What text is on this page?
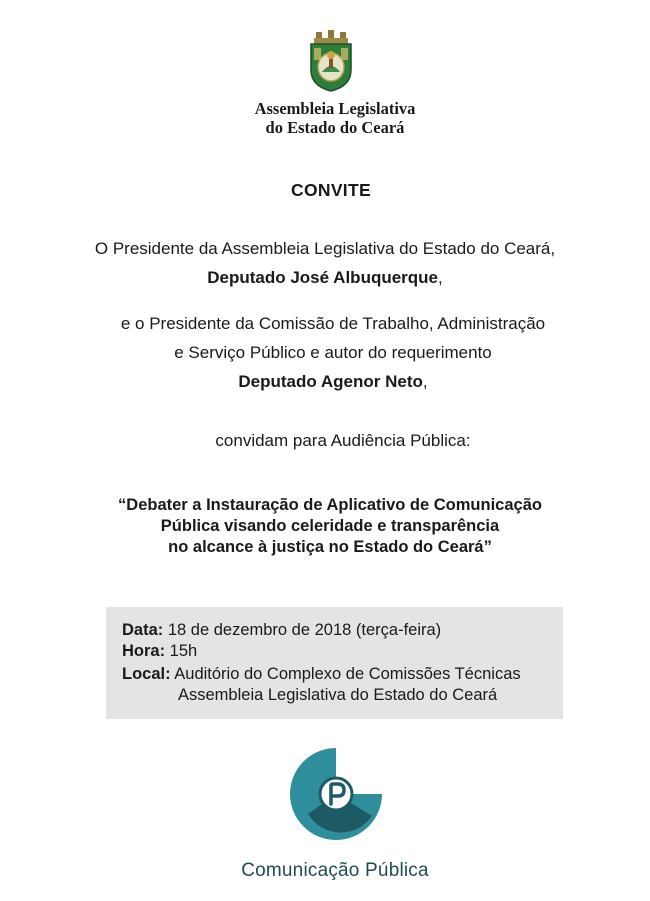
Assembleia Legislativa
do Estado do Ceará
CONVITE
O Presidente da Assembleia Legislativa do Estado do Ceará,
Deputado José Albuquerque,
e o Presidente da Comissão de Trabalho, Administração
e Serviço Público e autor do requerimento
Deputado Agenor Neto,
convidam para Audiência Pública:
“Debater a Instauração de Aplicativo de Comunicação
Pública visando celeridade e transparência
no alcance à justiça no Estado do Ceará”
Data: 18 de dezembro de 2018 (terça-feira)
Hora: 15h
Local: Auditório do Complexo de Comissões Técnicas
Assembleia Legislativa do Estado do Ceará
Comunicação Pública
